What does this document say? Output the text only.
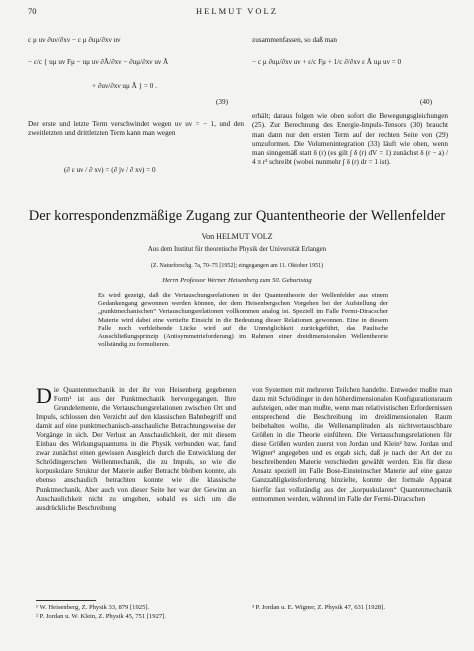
70	HELMUT VOLZ
c μ uν ∂uν/∂xν − c μ ∂uμ/∂xν uν
− ε/c { uμ uν Fμ − uμ uν ∂Ã/∂xν − ∂uμ/∂xν uν Ã
+ ∂uν/∂xν uμ Ã } = 0 .
(39)
Der erste und letzte Term verschwindet wegen uν uν = − 1, und den zweitletzten und drittletzten Term kann man wegen
(∂ ε uν / ∂ xν) = (∂ jν / ∂ xν) = 0
zusammenfassen, so daß man
− c μ ∂uμ/∂xν uν + ε/c Fμ + 1/c ∂/∂xν ε Ã uμ uν = 0
(40)
erhält; daraus folgen wie oben sofort die Bewegungsgleichungen (25). Zur Berechnung des Energie-Impuls-Tensors (30) braucht man dann nur den ersten Term auf der rechten Seite von (29) umzuformen. Die Volumenintegration (33) läuft wie oben, wenn man sinngemäß statt δ (r) (es gilt ∫ δ (r) dV = 1) zunächst δ (r − a) / 4 π r² schreibt (wobei nunmehr ∫ δ (r) dr = 1 ist).
Der korrespondenzmäßige Zugang zur Quantentheorie der Wellenfelder
Von HELMUT VOLZ
Aus dem Institut für theoretische Physik der Universität Erlangen
(Z. Naturforschg. 7a, 70–75 [1952]; eingegangen am 11. Oktober 1951)
Herrn Professor Werner Heisenberg zum 50. Geburtstag
Es wird gezeigt, daß die Vertauschungsrelationen in der Quantentheorie der Wellenfelder aus einem Gedankengang gewonnen werden können, der dem Heisenbergschen Vorgehen bei der Aufstellung der „punktmechanischen“ Vertauschungsrelationen vollkommen analog ist. Speziell im Falle Fermi-Diracscher Materie wird dabei eine vertiefte Einsicht in die Bedeutung dieser Relationen gewonnen. Eine in diesem Falle noch verbleibende Lücke wird auf die Unmöglichkeit zurückgeführt, das Paulische Ausschließungsprinzip (Antisymmetrieforderung) im Rahmen einer dreidimensionalen Wellentheorie vollständig zu formulieren.
Die Quantenmechanik in der ihr von Heisenberg gegebenen Form¹ ist aus der Punktmechanik hervorgegangen. Ihre Grundelemente, die Vertauschungsrelationen zwischen Ort und Impuls, schlossen den Verzicht auf den klassischen Bahnbegriff und damit auf eine punktmechanisch-anschauliche Betrachtungsweise der Vorgänge in sich. Der Verlust an Anschaulichkeit, der mit diesem Einbau des Wirkungsquantums in die Physik verbunden war, fand zwar zunächst einen gewissen Ausgleich durch die Entwicklung der Schrödingerschen Wellenmechanik, die zu Impuls, so wie die korpuskulare Struktur der Materie außer Betracht bleiben konnte, als ebenso anschaulich betrachten konnte wie die klassische Punktmechanik. Aber auch von dieser Seite her war der Gewinn an Anschaulichkeit nicht zu umgehen, sobald es sich um die ausdrückliche Beschreibung
von Systemen mit mehreren Teilchen handelte. Entweder mußte man dazu mit Schrödinger in den höherdimensionalen Konfigurationsraum aufsteigen, oder man mußte, wenn man relativistischen Erfordernissen entsprechend die Beschreibung im dreidimensionalen Raum beibehalten wollte, die Wellenamplituden als nichtvertauschbare Größen in die Theorie einführen. Die Vertauschungsrelationen für diese Größen wurden zuerst von Jordan und Klein² bzw. Jordan und Wigner³ angegeben und es ergab sich, daß je nach der Art der zu beschreibenden Materie verschieden gewählt werden. Ein für diese Ansatz speziell im Falle Bose-Einsteinscher Materie auf eine ganze Ganzzahligkeitsforderung hinzielte, konnte der formale Apparat hierfür fast vollständig aus der „korpuskularen“ Quantenmechanik entnommen werden, während im Falle der Fermi-Diracschen
¹ W. Heisenberg, Z. Physik 33, 879 [1925].
² P. Jordan u. W. Klein, Z. Physik 45, 751 [1927].
³ P. Jordan u. E. Wigner, Z. Physik 47, 631 [1928].
